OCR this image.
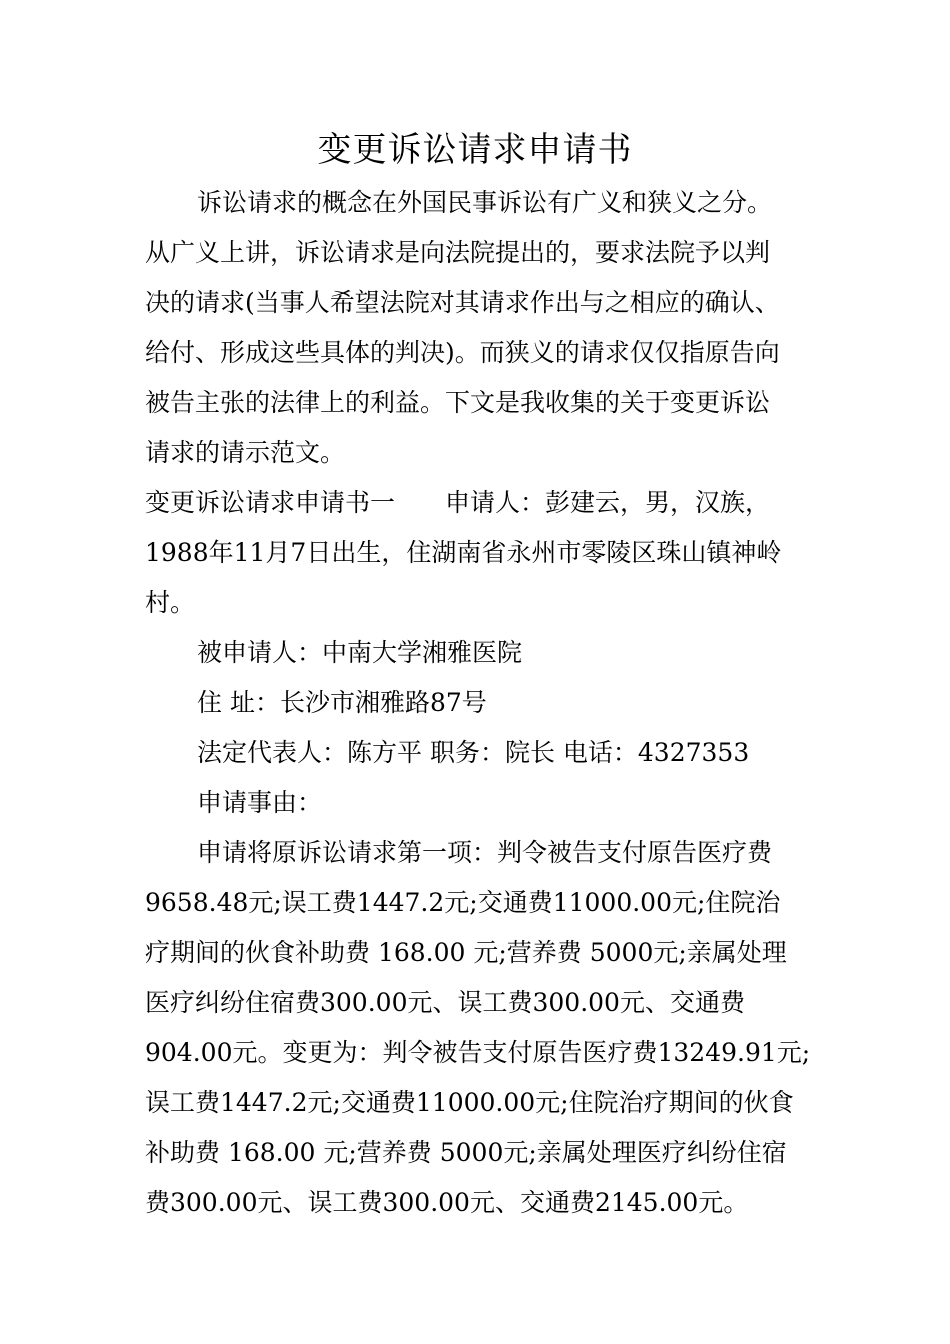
变更诉讼请求申请书
诉讼请求的概念在外国民事诉讼有广义和狭义之分。
从广义上讲，诉讼请求是向法院提出的，要求法院予以判
决的请求(当事人希望法院对其请求作出与之相应的确认、
给付、形成这些具体的判决)。而狭义的请求仅仅指原告向
被告主张的法律上的利益。下文是我收集的关于变更诉讼
请求的请示范文。
变更诉讼请求申请书一　　申请人：彭建云，男，汉族，
1988年11月7日出生，住湖南省永州市零陵区珠山镇神岭
村。
被申请人：中南大学湘雅医院
住 址：长沙市湘雅路87号
法定代表人：陈方平 职务：院长 电话：4327353
申请事由：
申请将原诉讼请求第一项：判令被告支付原告医疗费
9658.48元;误工费1447.2元;交通费11000.00元;住院治
疗期间的伙食补助费 168.00 元;营养费 5000元;亲属处理
医疗纠纷住宿费300.00元、误工费300.00元、交通费
904.00元。变更为：判令被告支付原告医疗费13249.91元;
误工费1447.2元;交通费11000.00元;住院治疗期间的伙食
补助费 168.00 元;营养费 5000元;亲属处理医疗纠纷住宿
费300.00元、误工费300.00元、交通费2145.00元。
